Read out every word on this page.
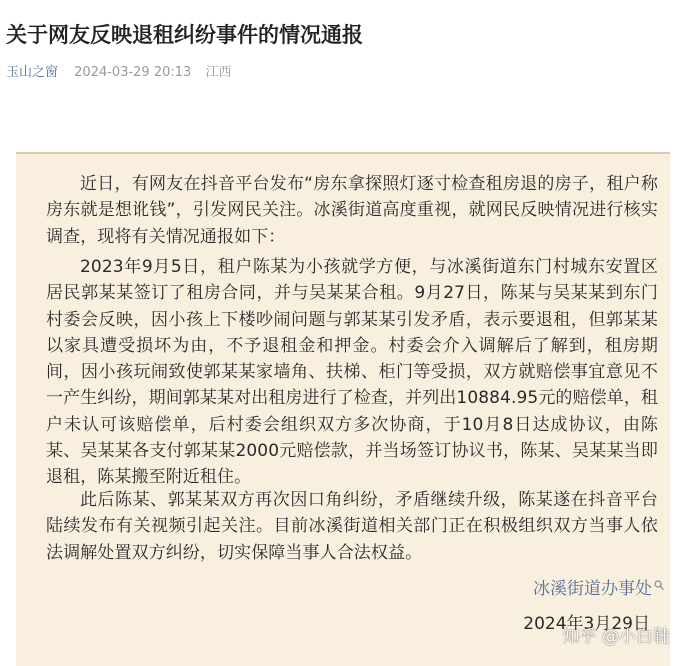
关于网友反映退租纠纷事件的情况通报
玉山之窗 2024-03-29 20:13 江西

近日，有网友在抖音平台发布“房东拿探照灯逐寸检查租房退的房子，租户称房东就是想讹钱”，引发网民关注。冰溪街道高度重视，就网民反映情况进行核实调查，现将有关情况通报如下：

2023年9月5日，租户陈某为小孩就学方便，与冰溪街道东门村城东安置区居民郭某某签订了租房合同，并与吴某某合租。9月27日，陈某与吴某某到东门村委会反映，因小孩上下楼吵闹问题与郭某某引发矛盾，表示要退租，但郭某某以家具遭受损坏为由，不予退租金和押金。村委会介入调解后了解到，租房期间，因小孩玩闹致使郭某某家墙角、扶梯、柜门等受损，双方就赔偿事宜意见不一产生纠纷，期间郭某某对出租房进行了检查，并列出10884.95元的赔偿单，租户未认可该赔偿单，后村委会组织双方多次协商，于10月8日达成协议，由陈某、吴某某各支付郭某某2000元赔偿款，并当场签订协议书，陈某、吴某某当即退租，陈某搬至附近租住。

此后陈某、郭某某双方再次因口角纠纷，矛盾继续升级，陈某遂在抖音平台陆续发布有关视频引起关注。目前冰溪街道相关部门正在积极组织双方当事人依法调解处置双方纠纷，切实保障当事人合法权益。

冰溪街道办事处
2024年3月29日
知乎 @小白鞋
